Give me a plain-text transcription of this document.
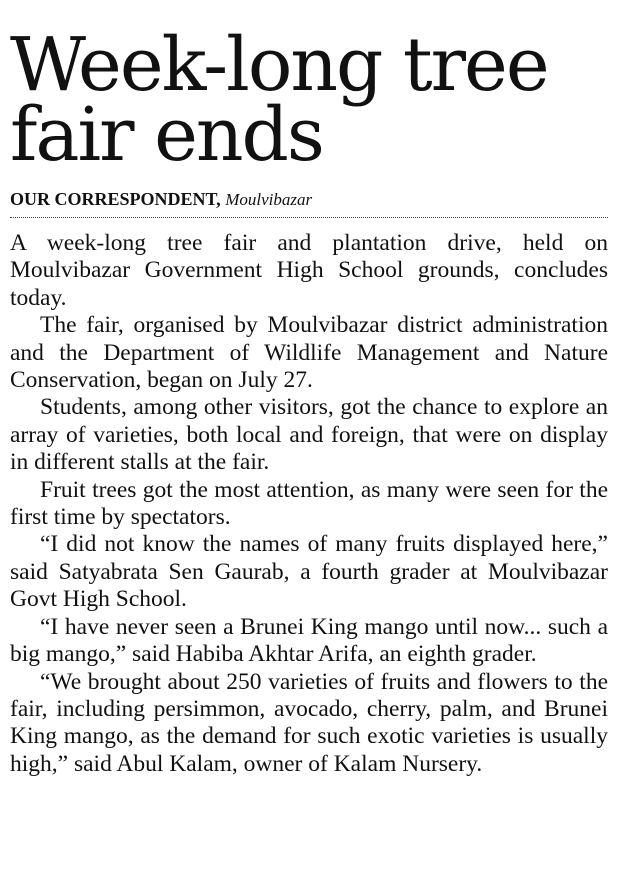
Week-long tree fair ends
OUR CORRESPONDENT, Moulvibazar

A week-long tree fair and plantation drive, held on Moulvibazar Government High School grounds, concludes today.

The fair, organised by Moulvibazar district administration and the Department of Wildlife Management and Nature Conservation, began on July 27.

Students, among other visitors, got the chance to explore an array of varieties, both local and foreign, that were on display in different stalls at the fair.

Fruit trees got the most attention, as many were seen for the first time by spectators.

“I did not know the names of many fruits displayed here,” said Satyabrata Sen Gaurab, a fourth grader at Moulvibazar Govt High School.

“I have never seen a Brunei King mango until now... such a big mango,” said Habiba Akhtar Arifa, an eighth grader.

“We brought about 250 varieties of fruits and flowers to the fair, including persimmon, avocado, cherry, palm, and Brunei King mango, as the demand for such exotic varieties is usually high,” said Abul Kalam, owner of Kalam Nursery.
